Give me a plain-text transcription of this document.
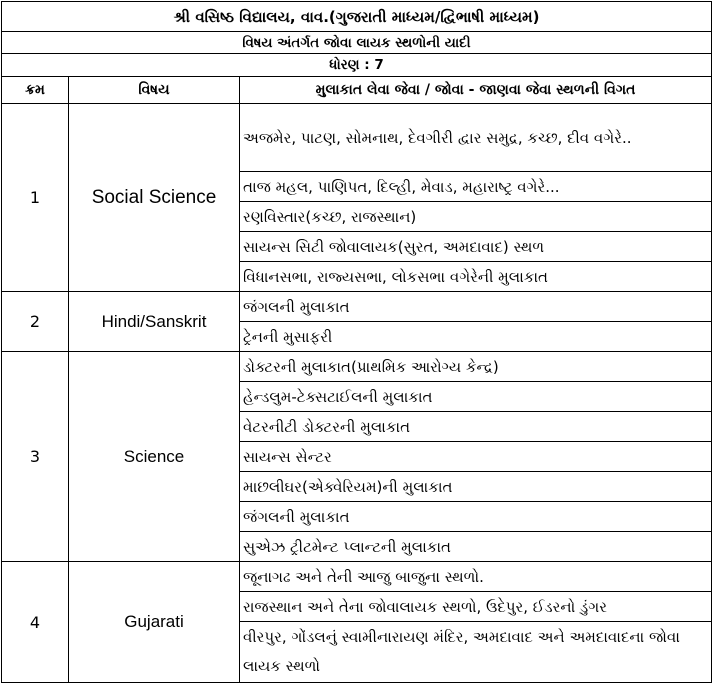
શ્રી વસિષ્ઠ વિદ્યાલય, વાવ.(ગુજરાતી માધ્યમ/દ્વિભાષી માધ્યમ)		
વિષય અંતર્ગત જોવા લાયક સ્થળોની યાદી		
ધોરણ : 7		
ક્રમ	વિષય	મુલાકાત લેવા જેવા / જોવા - જાણવા જેવા સ્થળની વિગત
1	Social Science	અજમેર, પાટણ, સોમનાથ, દેવગીરી દ્વાર સમુદ્ર, કચ્છ, દીવ વગેરે..
		તાજ મહલ, પાણિપત, દિલ્હી, મેવાડ, મહારાષ્ટ્ર વગેરે...
		રણવિસ્તાર(કચ્છ, રાજસ્થાન)
		સાયન્સ સિટી જોવાલાયક(સુરત, અમદાવાદ) સ્થળ
		વિધાનસભા, રાજ્યસભા, લોકસભા વગેરેની મુલાકાત
2	Hindi/Sanskrit	જંગલની મુલાકાત
		ટ્રેનની મુસાફરી
3	Science	ડોક્ટરની મુલાકાત(પ્રાથમિક આરોગ્ય કેન્દ્ર)
		હેન્ડલુમ-ટેક્સટાઈલની મુલાકાત
		વેટરનીટી ડોક્ટરની મુલાકાત
		સાયન્સ સેન્ટર
		માછલીઘર(એક્વેરિયમ)ની મુલાકાત
		જંગલની મુલાકાત
		સુએઝ ટ્રીટમેન્ટ પ્લાન્ટની મુલાકાત
4	Gujarati	જૂનાગઢ અને તેની આજુ બાજુના સ્થળો.
		રાજસ્થાન અને તેના જોવાલાયક સ્થળો, ઉદેપુર, ઈડરનો ડુંગર
		વીરપુર, ગોંડલનું સ્વામીનારાયણ મંદિર, અમદાવાદ અને અમદાવાદના જોવા લાયક સ્થળો
